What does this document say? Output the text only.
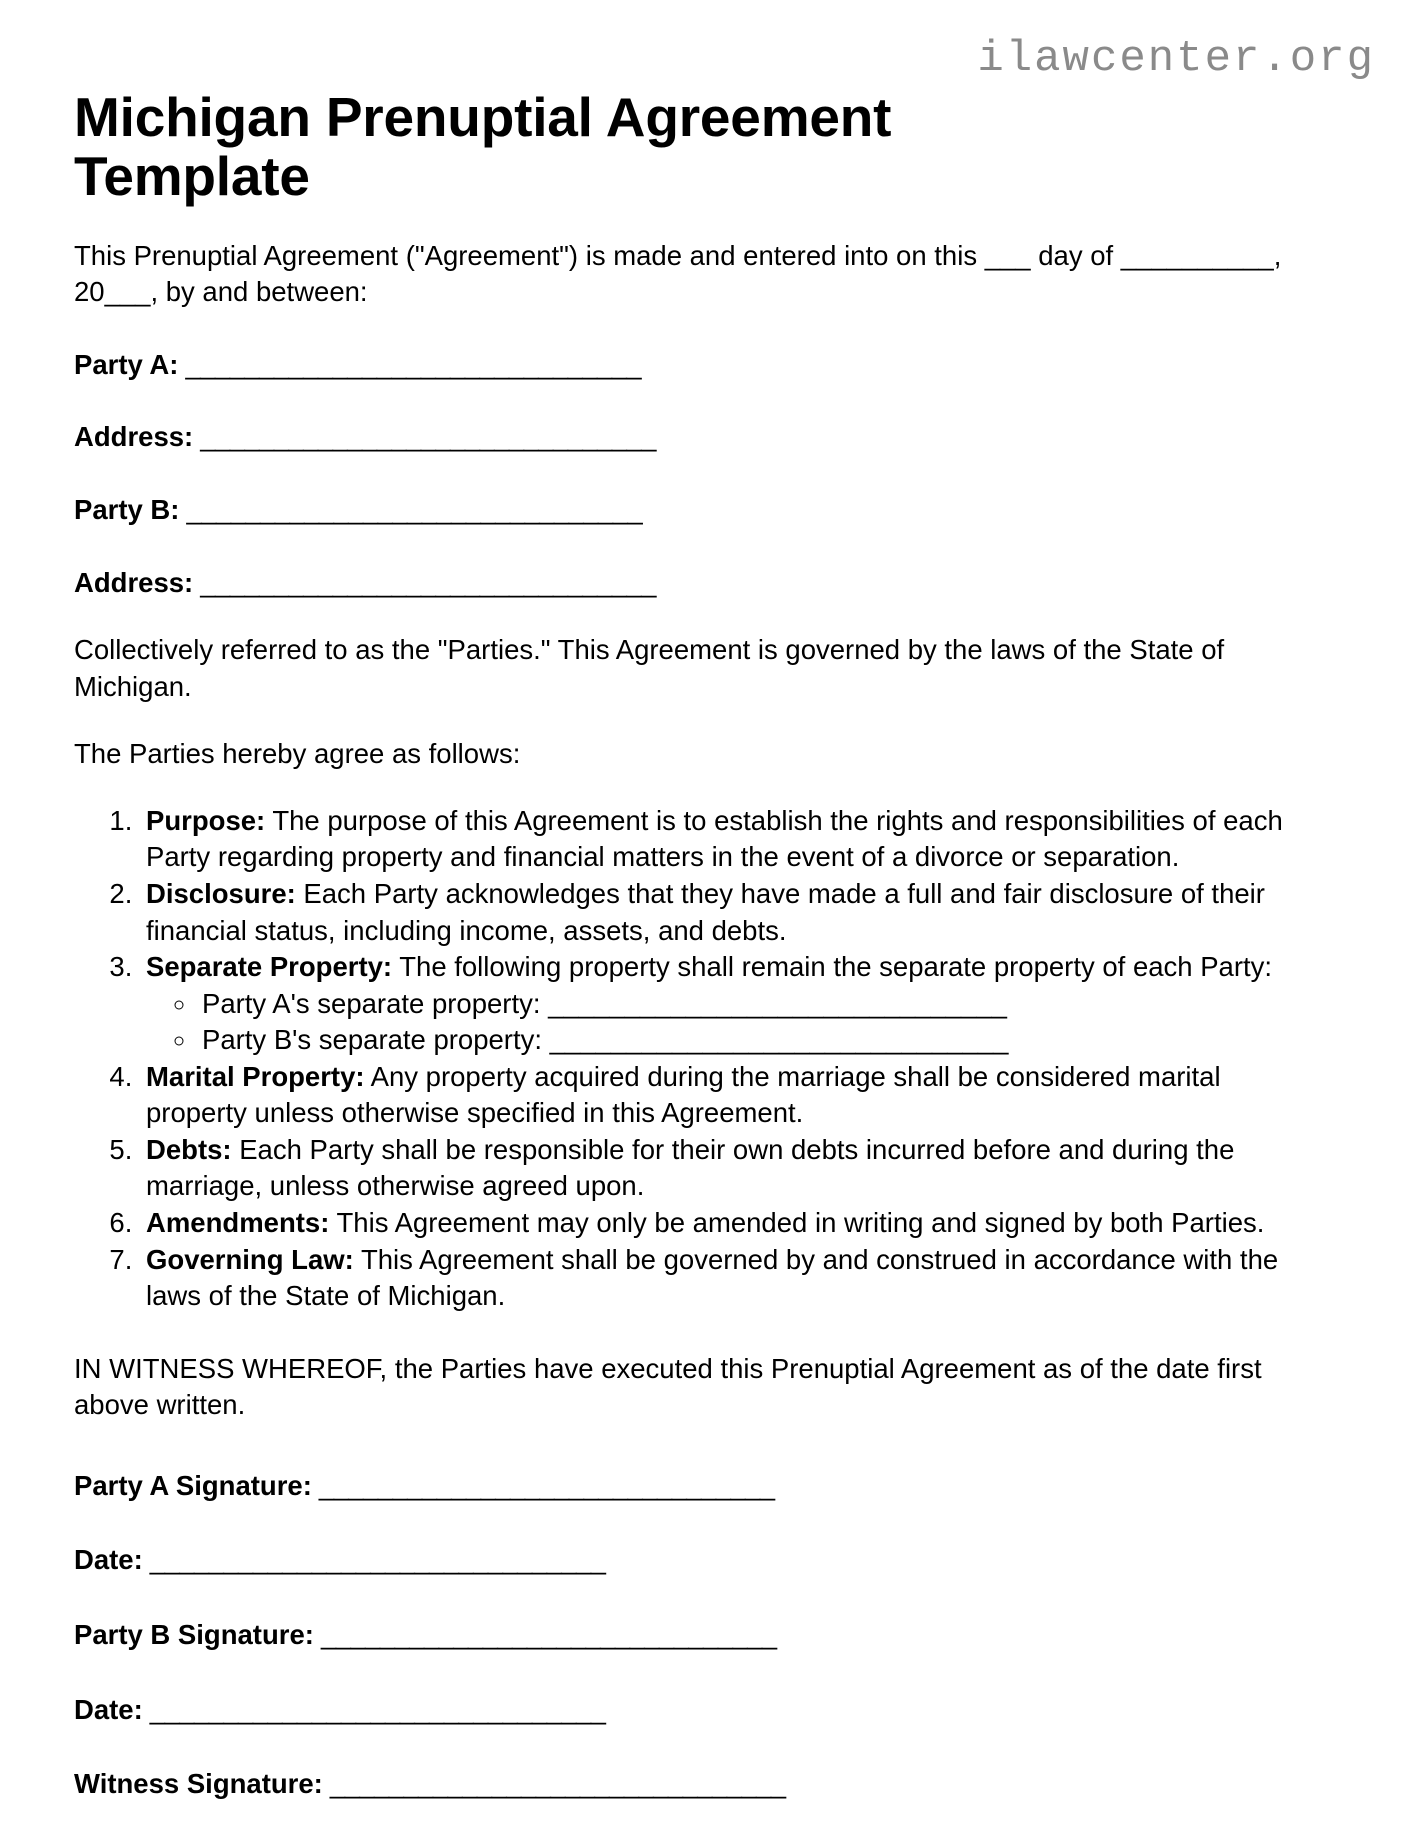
ilawcenter.org
Michigan Prenuptial Agreement Template

This Prenuptial Agreement ("Agreement") is made and entered into on this ___ day of __________, 20___, by and between:

Party A: _______________________________
Address: _______________________________
Party B: _______________________________
Address: _______________________________

Collectively referred to as the "Parties." This Agreement is governed by the laws of the State of Michigan.

The Parties hereby agree as follows:

1. Purpose: The purpose of this Agreement is to establish the rights and responsibilities of each Party regarding property and financial matters in the event of a divorce or separation.
2. Disclosure: Each Party acknowledges that they have made a full and fair disclosure of their financial status, including income, assets, and debts.
3. Separate Property: The following property shall remain the separate property of each Party:
◦ Party A's separate property: ______________________________
◦ Party B's separate property: ______________________________
4. Marital Property: Any property acquired during the marriage shall be considered marital property unless otherwise specified in this Agreement.
5. Debts: Each Party shall be responsible for their own debts incurred before and during the marriage, unless otherwise agreed upon.
6. Amendments: This Agreement may only be amended in writing and signed by both Parties.
7. Governing Law: This Agreement shall be governed by and construed in accordance with the laws of the State of Michigan.

IN WITNESS WHEREOF, the Parties have executed this Prenuptial Agreement as of the date first above written.

Party A Signature: _______________________________
Date: _______________________________
Party B Signature: _______________________________
Date: _______________________________
Witness Signature: _______________________________
